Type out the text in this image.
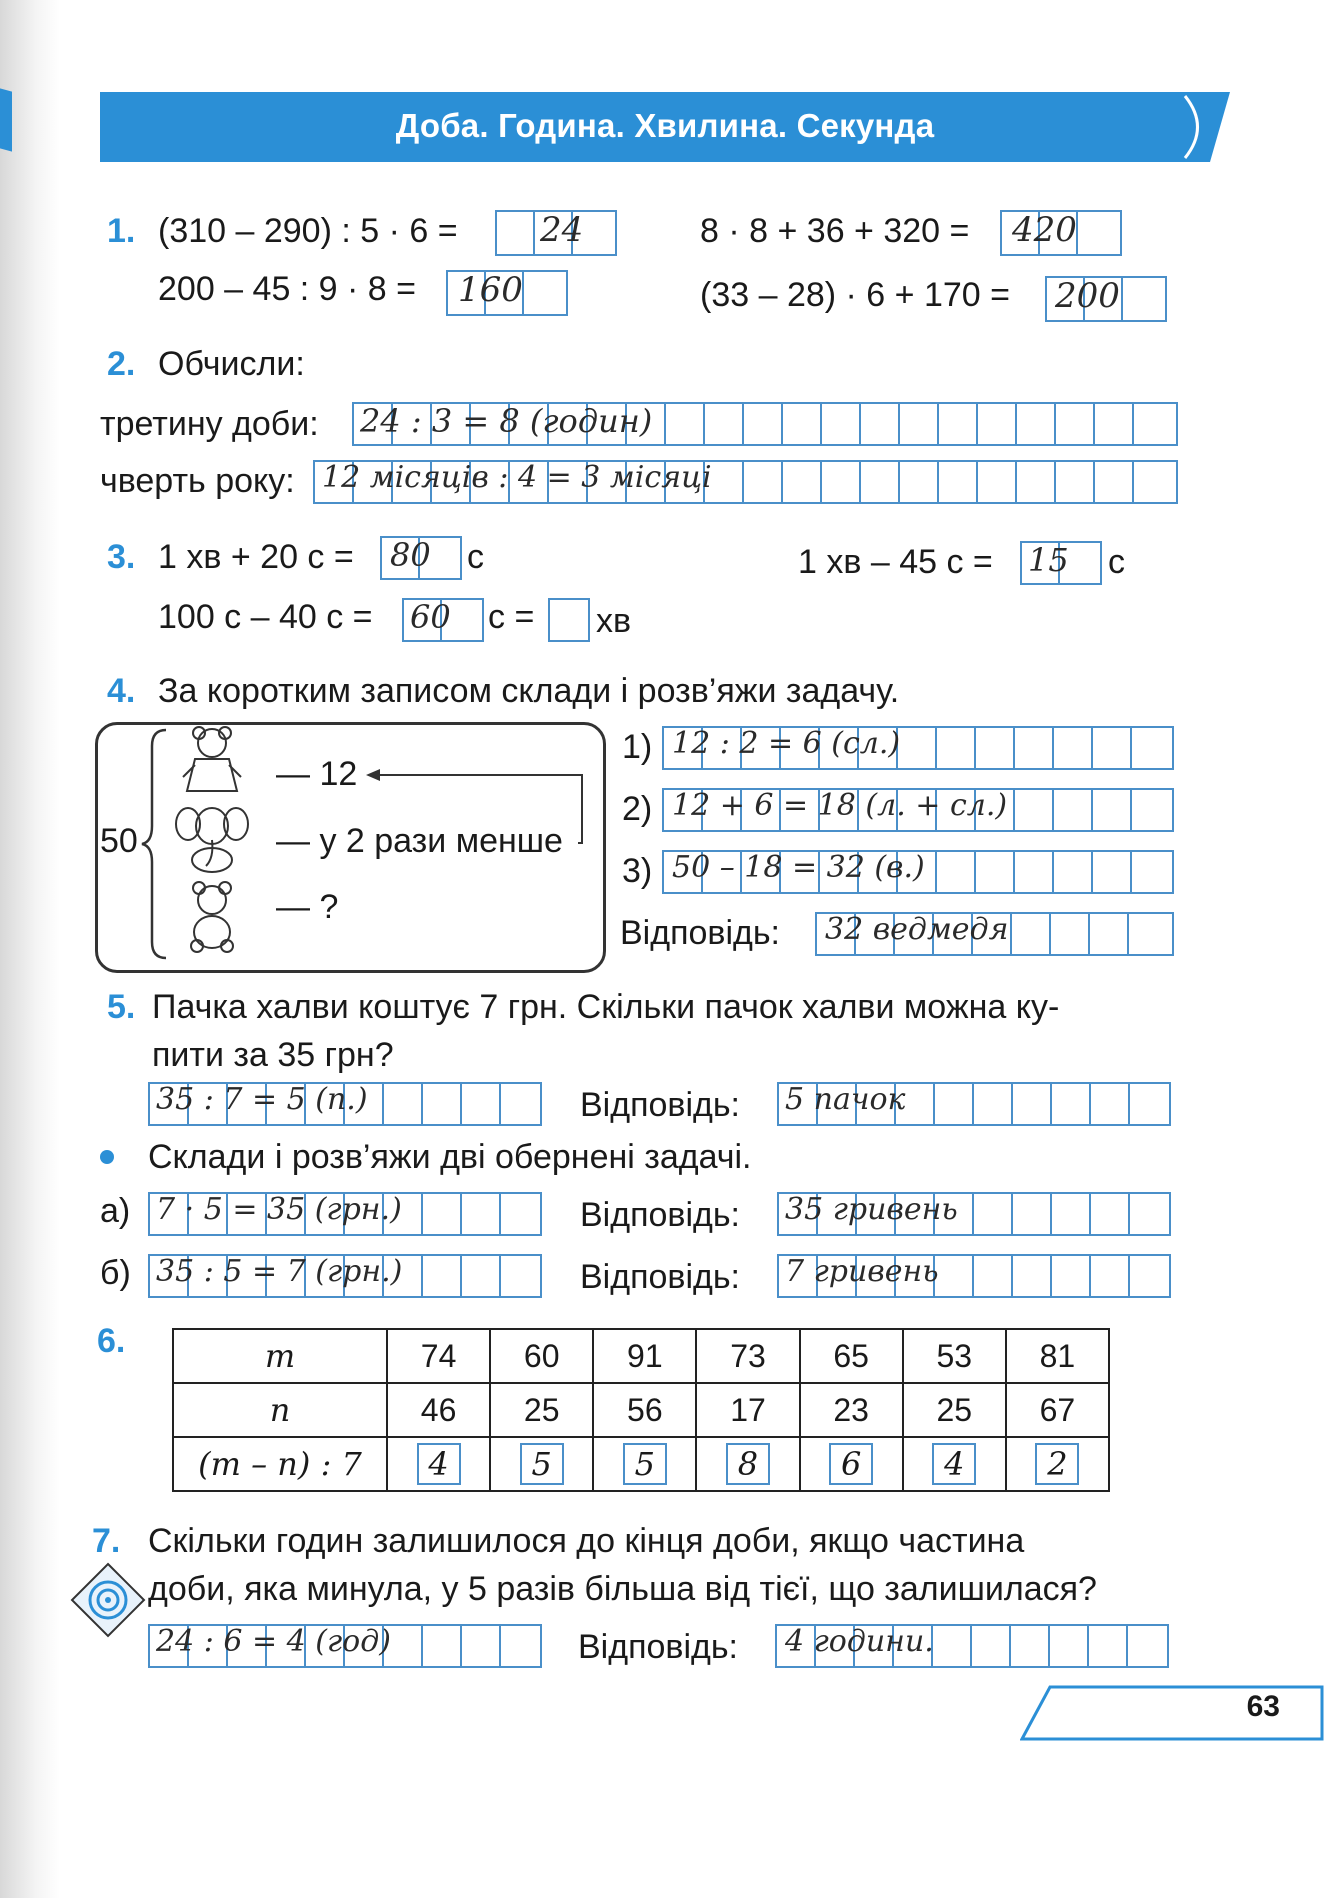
Доба. Година. Хвилина. Секунда
1. (310 – 290) : 5 · 6 = 24	8 · 8 + 36 + 320 = 420
200 – 45 : 9 · 8 = 160	(33 – 28) · 6 + 170 = 200
2. Обчисли:
третину доби: 24 : 3 = 8 (годин)
чверть року: 12 місяців : 4 = 3 місяці
3. 1 хв + 20 с = 80 с	1 хв – 45 с = 15 с
100 с – 40 с = 60 с = хв
4. За коротким записом склади і розв’яжи задачу.
50
— 12
— у 2 рази менше
— ?
1) 12 : 2 = 6 (сл.)
2) 12 + 6 = 18 (л. + сл.)
3) 50 – 18 = 32 (в.)
Відповідь: 32 ведмедя
5. Пачка халви коштує 7 грн. Скільки пачок халви можна ку-
пити за 35 грн?
35 : 7 = 5 (п.)	Відповідь: 5 пачок
Склади і розв’яжи дві обернені задачі.
а) 7 · 5 = 35 (грн.)	Відповідь: 35 гривень
б) 35 : 5 = 7 (грн.)	Відповідь: 7 гривень
6.	m	74	60	91	73	65	53	81
n	46	25	56	17	23	25	67
(m – n) : 7	4	5	5	8	6	4	2
7. Скільки годин залишилося до кінця доби, якщо частина
доби, яка минула, у 5 разів більша від тієї, що залишилася?
24 : 6 = 4 (год)	Відповідь: 4 години.
63
